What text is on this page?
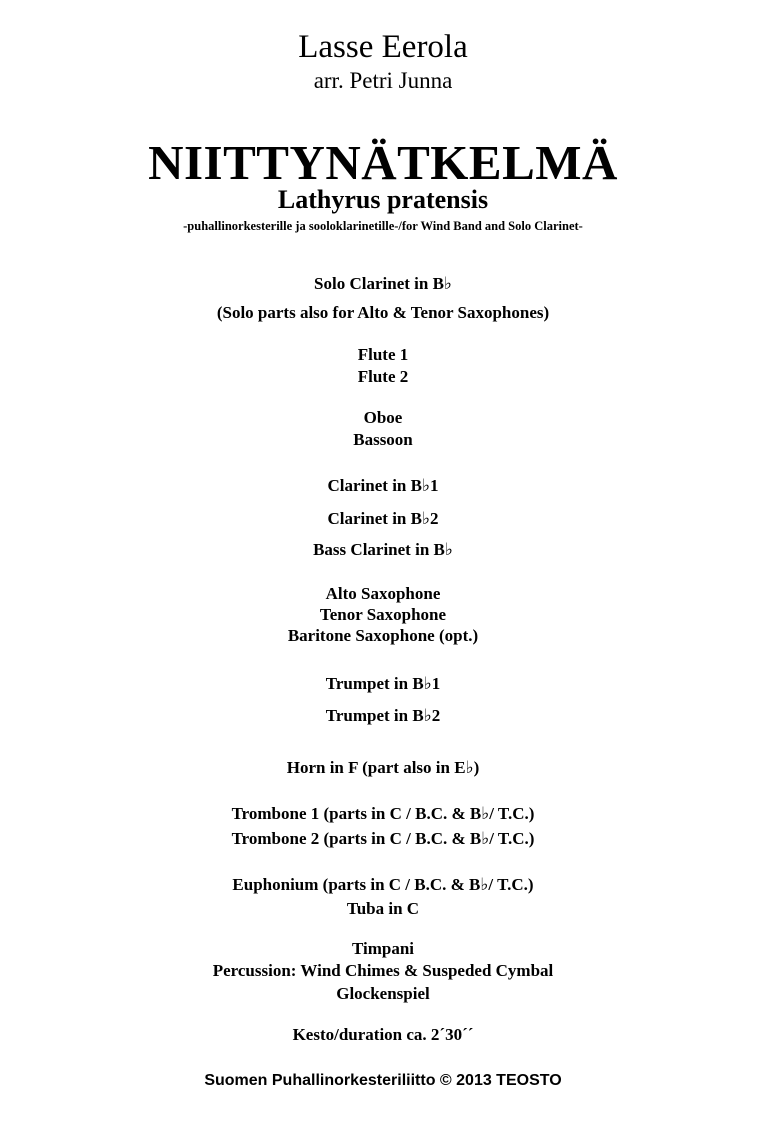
Lasse Eerola
arr. Petri Junna
NIITTYNÄTKELMÄ
Lathyrus pratensis
-puhallinorkesterille ja sooloklarinetille-/for Wind Band and Solo Clarinet-
Solo Clarinet in B♭
(Solo parts also for Alto & Tenor Saxophones)
Flute 1
Flute 2
Oboe
Bassoon
Clarinet in B♭1
Clarinet in B♭2
Bass Clarinet in B♭
Alto Saxophone
Tenor Saxophone
Baritone Saxophone (opt.)
Trumpet in B♭1
Trumpet in B♭2
Horn in F (part also in E♭)
Trombone 1 (parts in C / B.C. & B♭/ T.C.)
Trombone 2 (parts in C / B.C. & B♭/ T.C.)
Euphonium (parts in C / B.C. & B♭/ T.C.)
Tuba in C
Timpani
Percussion: Wind Chimes & Suspeded Cymbal
Glockenspiel
Kesto/duration ca. 2´30´´
Suomen Puhallinorkesteriliitto © 2013 TEOSTO
